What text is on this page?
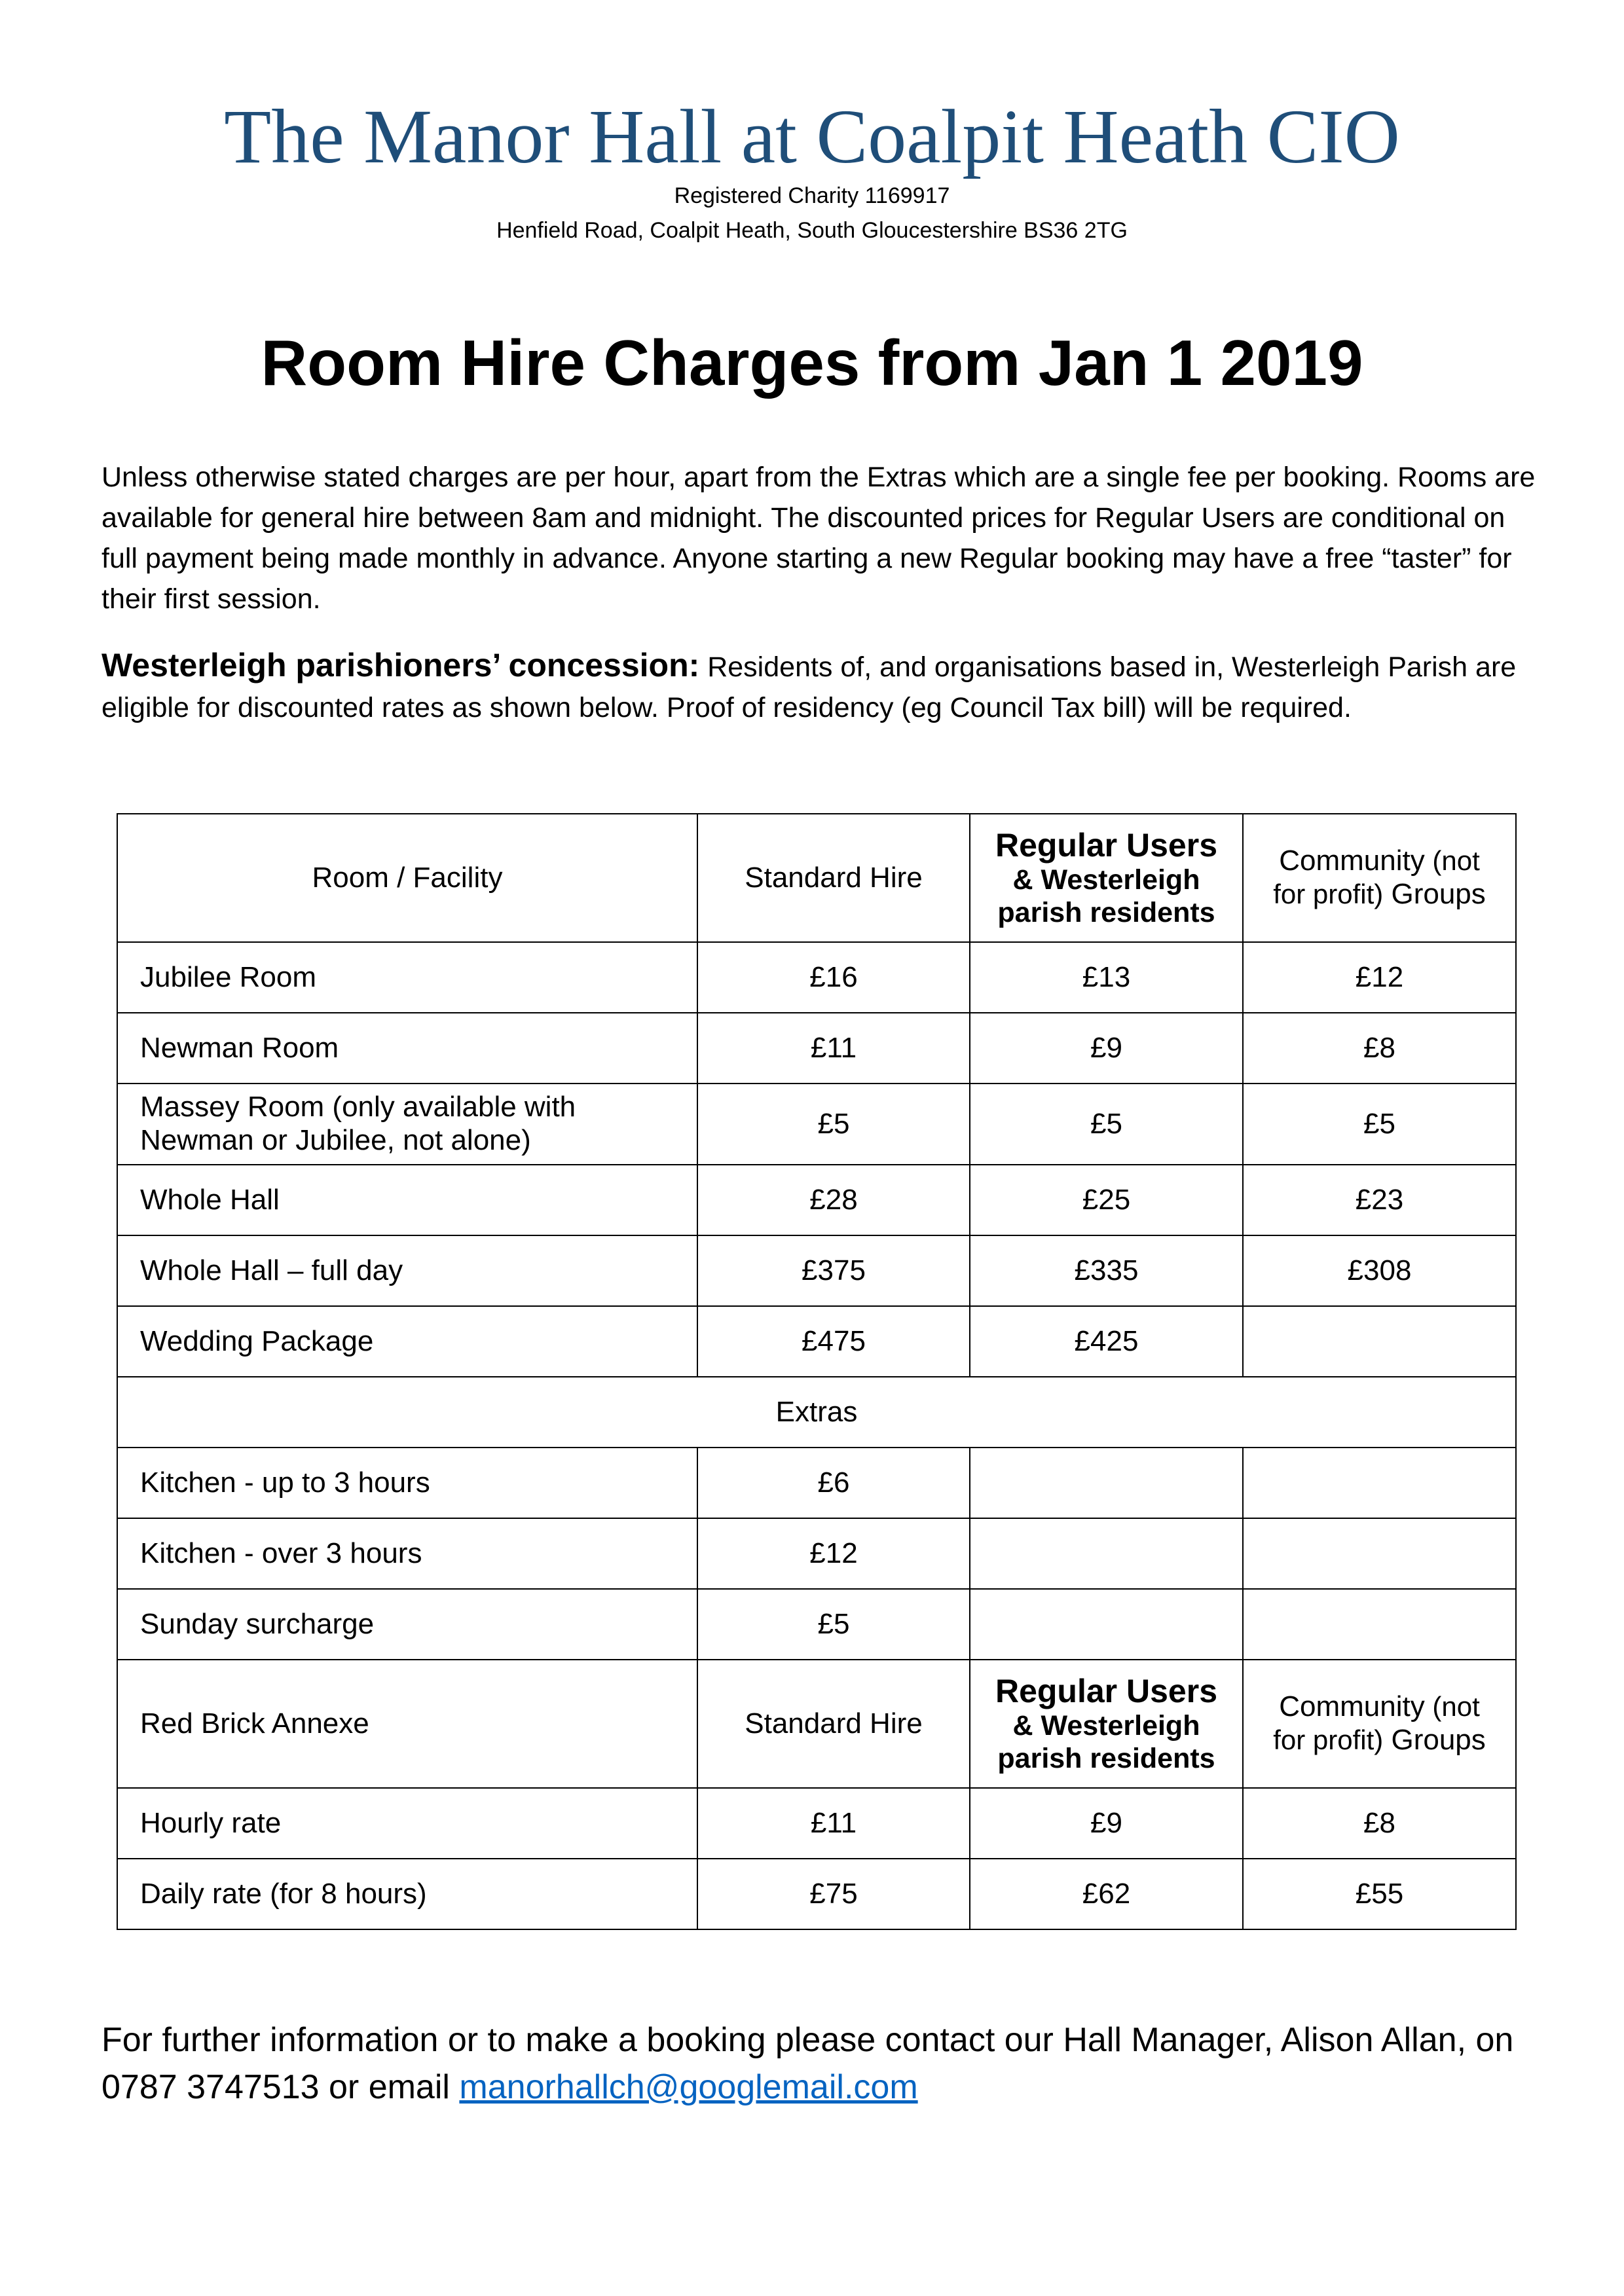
The Manor Hall at Coalpit Heath CIO
Registered Charity 1169917
Henfield Road, Coalpit Heath, South Gloucestershire BS36 2TG
Room Hire Charges from Jan 1 2019

Unless otherwise stated charges are per hour, apart from the Extras which are a single fee per booking. Rooms are available for general hire between 8am and midnight. The discounted prices for Regular Users are conditional on full payment being made monthly in advance. Anyone starting a new Regular booking may have a free “taster” for their first session.

Westerleigh parishioners’ concession: Residents of, and organisations based in, Westerleigh Parish are eligible for discounted rates as shown below. Proof of residency (eg Council Tax bill) will be required.

Room / Facility	Standard Hire	Regular Users
& Westerleigh
parish residents	Community (not
for profit) Groups
Jubilee Room	£16	£13	£12
Newman Room	£11	£9	£8
Massey Room (only available with Newman or Jubilee, not alone)	£5	£5	£5
Whole Hall	£28	£25	£23
Whole Hall – full day	£375	£335	£308
Wedding Package	£475	£425	
Extras			
Kitchen - up to 3 hours	£6		
Kitchen - over 3 hours	£12		
Sunday surcharge	£5		
Red Brick Annexe	Standard Hire	Regular Users
& Westerleigh
parish residents	Community (not
for profit) Groups
Hourly rate	£11	£9	£8
Daily rate (for 8 hours)	£75	£62	£55

For further information or to make a booking please contact our Hall Manager, Alison Allan, on 0787 3747513 or email manorhallch@googlemail.com
